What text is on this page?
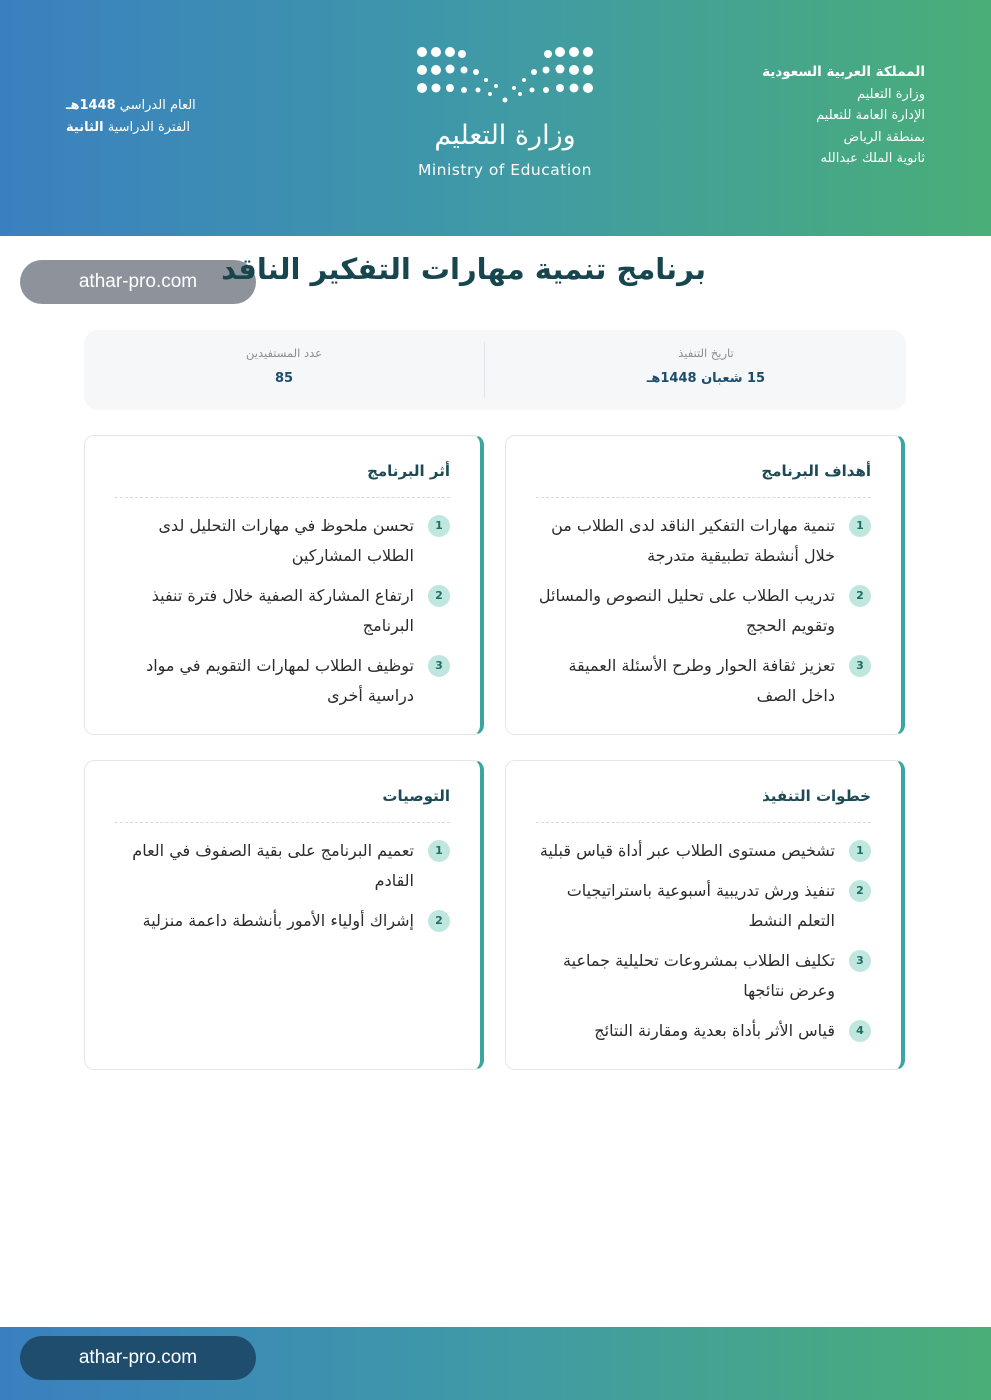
العام الدراسي 1448هـ
الفترة الدراسية الثانية	وزارة التعليم
Ministry of Education
المملكة العربية السعودية
وزارة التعليم
الإدارة العامة للتعليم
بمنطقة الرياض
ثانوية الملك عبدالله
athar-pro.com برنامج تنمية مهارات التفكير الناقد
تاريخ التنفيذ
15 شعبان 1448هـ
عدد المستفيدين
85
أهداف البرنامج
1
تنمية مهارات التفكير الناقد لدى الطلاب من خلال أنشطة تطبيقية متدرجة
2
تدريب الطلاب على تحليل النصوص والمسائل وتقويم الحجج
3
تعزيز ثقافة الحوار وطرح الأسئلة العميقة داخل الصف
أثر البرنامج
1
تحسن ملحوظ في مهارات التحليل لدى الطلاب المشاركين
2
ارتفاع المشاركة الصفية خلال فترة تنفيذ البرنامج
3
توظيف الطلاب لمهارات التقويم في مواد دراسية أخرى
خطوات التنفيذ
1
تشخيص مستوى الطلاب عبر أداة قياس قبلية
2
تنفيذ ورش تدريبية أسبوعية باستراتيجيات التعلم النشط
3
تكليف الطلاب بمشروعات تحليلية جماعية وعرض نتائجها
4
قياس الأثر بأداة بعدية ومقارنة النتائج
التوصيات
1
تعميم البرنامج على بقية الصفوف في العام القادم
2
إشراك أولياء الأمور بأنشطة داعمة منزلية
athar-pro.com
